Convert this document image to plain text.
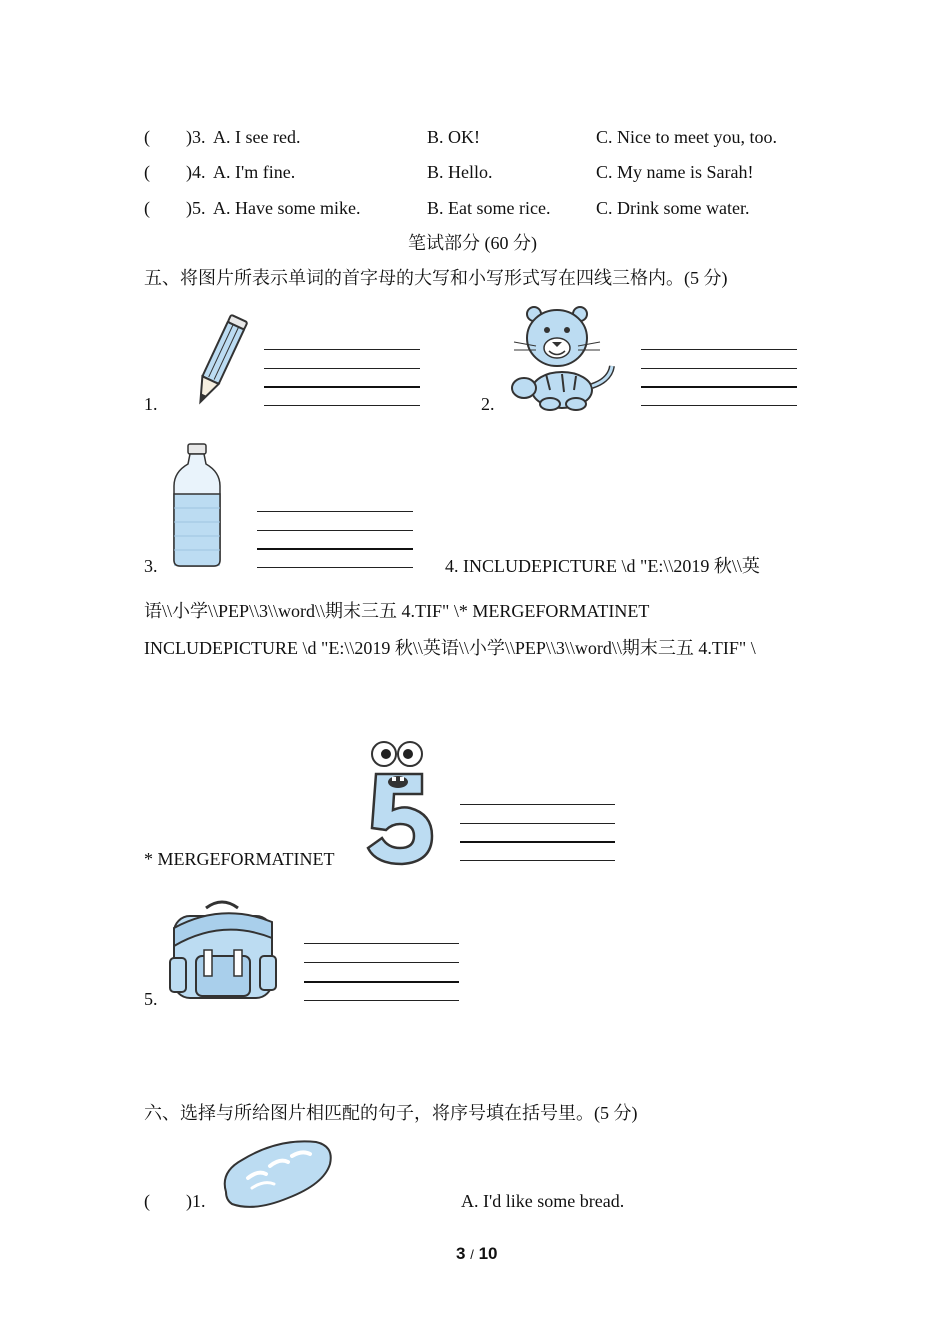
(　　)3. A. I see red.	B. OK!	C. Nice to meet you, too.
(　　)4. A. I'm fine.	B. Hello.	C. My name is Sarah!
(　　)5. A. Have some mike.	B. Eat some rice.	C. Drink some water.
笔试部分 (60 分)
五、将图片所表示单词的首字母的大写和小写形式写在四线三格内。(5 分)
1.	2.
3.	4. INCLUDEPICTURE \d "E:\\2019 秋\\英
语\\小学\\PEP\\3\\word\\期末三五 4.TIF" \* MERGEFORMATINET
INCLUDEPICTURE \d "E:\\2019 秋\\英语\\小学\\PEP\\3\\word\\期末三五 4.TIF" \
* MERGEFORMATINET
5.
六、选择与所给图片相匹配的句子，将序号填在括号里。(5 分)
(　　)1.	A. I'd like some bread.
3 / 10
